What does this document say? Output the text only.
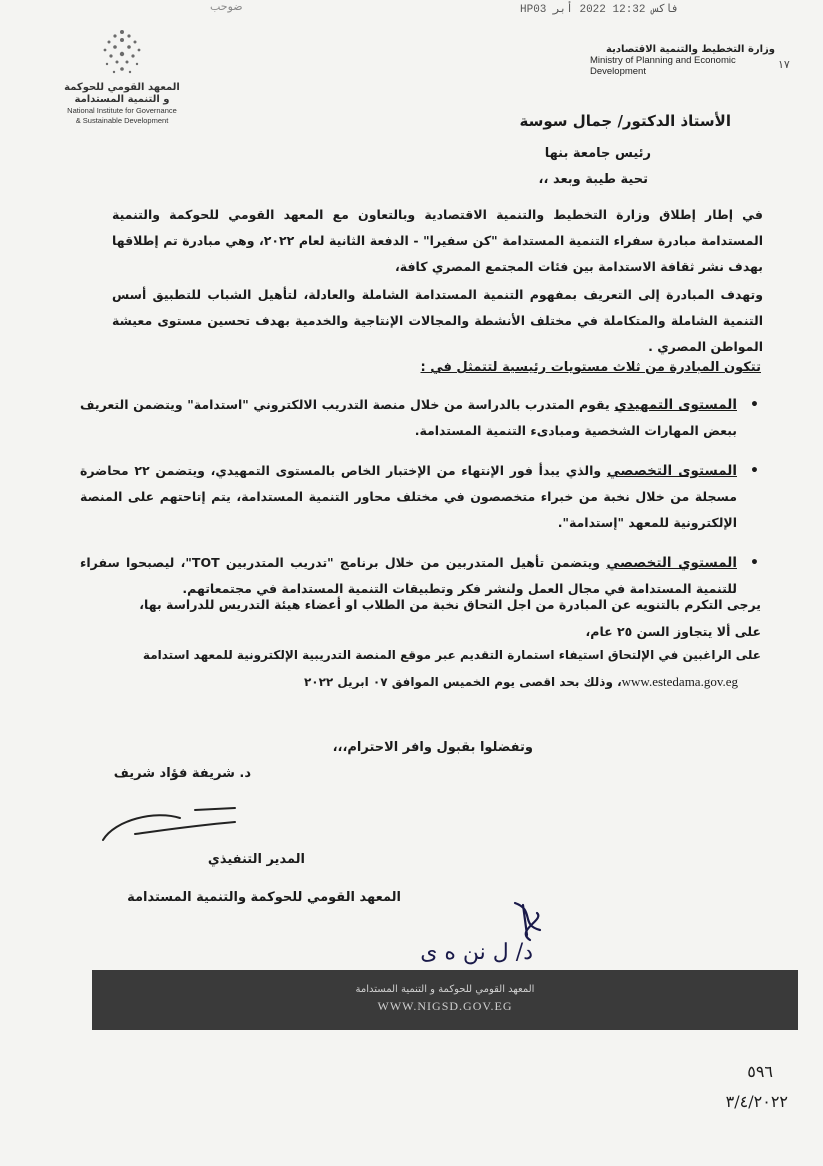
HPفاكس 12:32 2022 أبر 03
ضوحب
المعهد القومي للحوكمة
و التنمية المستدامة
National Institute for Governance
& Sustainable Development
وزارة التخطيط والتنمية الاقتصادية
Ministry of Planning and Economic
Development
١٧
الأستاذ الدكتور/ جمال سوسة
رئيس جامعة بنها
تحية طيبة وبعد ،،
في إطار إطلاق وزارة التخطيط والتنمية الاقتصادية وبالتعاون مع المعهد القومي للحوكمة والتنمية المستدامة مبادرة سفراء التنمية المستدامة "كن سفيرا" - الدفعة الثانية لعام ٢٠٢٢، وهي مبادرة تم إطلاقها بهدف نشر ثقافة الاستدامة بين فئات المجتمع المصري كافة،
وتهدف المبادرة إلى التعريف بمفهوم التنمية المستدامة الشاملة والعادلة، لتأهيل الشباب للتطبيق أسس التنمية الشاملة والمتكاملة في مختلف الأنشطة والمجالات الإنتاجية والخدمية بهدف تحسين مستوى معيشة المواطن المصري .
تتكون المبادرة من ثلاث مستويات رئيسية لتتمثل في :
• المستوى التمهيدي يقوم المتدرب بالدراسة من خلال منصة التدريب الالكتروني "استدامة" ويتضمن التعريف ببعض المهارات الشخصية ومبادىء التنمية المستدامة.
• المستوى التخصصي والذي يبدأ فور الإنتهاء من الإختبار الخاص بالمستوى التمهيدي، ويتضمن ٢٢ محاضرة مسجلة من خلال نخبة من خبراء متخصصون في مختلف محاور التنمية المستدامة، يتم إتاحتهم على المنصة الإلكترونية للمعهد "إستدامة".
• المستوي التخصصي ويتضمن تأهيل المتدربين من خلال برنامج "تدريب المتدربين TOT"، ليصبحوا سفراء للتنمية المستدامة في مجال العمل ولنشر فكر وتطبيقات التنمية المستدامة في مجتمعاتهم.
يرجى التكرم بالتنويه عن المبادرة من اجل التحاق نخبة من الطلاب او أعضاء هيئة التدريس للدراسة بها،
على ألا يتجاوز السن ٢٥ عام،
على الراغبين في الإلتحاق استيفاء استمارة التقديم عبر موقع المنصة التدريبية الإلكترونية للمعهد استدامة
www.estedama.gov.eg، وذلك بحد اقصى يوم الخميس الموافق ٠٧ ابريل ٢٠٢٢
وتفضلوا بقبول وافر الاحترام،،،
د. شريفة فؤاد شريف
المدير التنفيذي
المعهد القومي للحوكمة والتنمية المستدامة
د/ ل نن ه ى
المعهد القومي للحوكمة و التنمية المستدامة
WWW.NIGSD.GOV.EG
٥٩٦
٣/٤/٢٠٢٢
